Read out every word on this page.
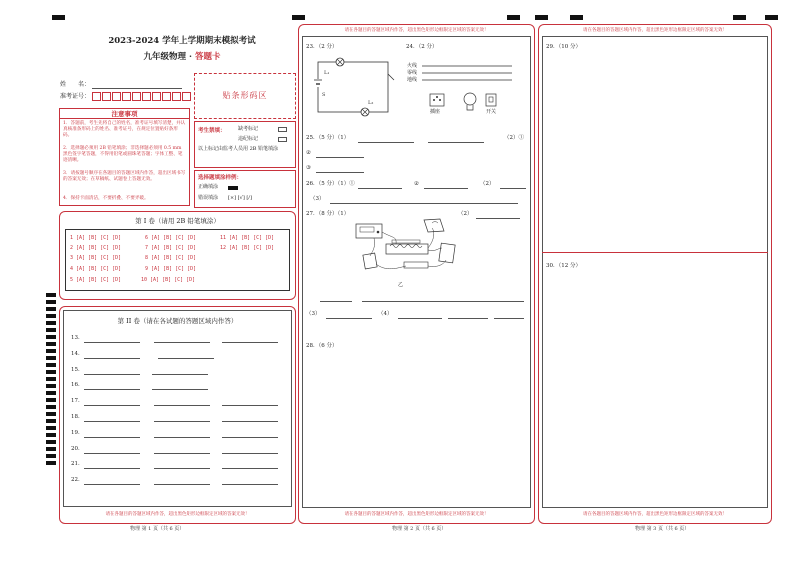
2023-2024 学年上学期期末模拟考试
九年级物理 · 答题卡
姓　　名：
准考证号：	贴条形码区
注意事项
1．答题前，考生先将自己的姓名，准考证号填写清楚，并认真核准条形码上的姓名、准考证号，在规定位置贴好条形码。
2．选择题必须用 2B 铅笔填涂；非选择题必须用 0.5 mm 黑色签字笔答题，不得用铅笔或圆珠笔答题；字体工整、笔迹清晰。
3．请按题号顺序在各题目的答题区域内作答，超出区域书写的答案无效；在草稿纸、试题卷上答题无效。
4．保持卡面清洁，不要折叠、不要弄破。
考生禁填： 缺考标记
违纪标记
以上标记由监考人员用 2B 铅笔填涂
选择题填涂样例：
正确填涂
错误填涂 [×] [√] [/]
第 I 卷（请用 2B 铅笔填涂）
1 [A] [B] [C] [D]
2 [A] [B] [C] [D]
3 [A] [B] [C] [D]
4 [A] [B] [C] [D]
5 [A] [B] [C] [D]
6 [A] [B] [C] [D]
7 [A] [B] [C] [D]
8 [A] [B] [C] [D]
9 [A] [B] [C] [D]
10 [A] [B] [C] [D]
11 [A] [B] [C] [D]
12 [A] [B] [C] [D]
第 II 卷（请在各试题的答题区域内作答）
13.
14.
15.
16.
17.
18.
19.
20.
21.
22.
请在各题目的答题区域内作答，超出黑色矩形边框限定区域的答案无效！
物理 第 1 页（共 6 页）
请在各题目的答题区域内作答，超出黑色矩形边框限定区域的答案无效！
23．（2 分）	24．（2 分）
L₁
L₂
S
火线
零线
地线
插座	开关
25．（5 分）（1）	（2）①
②
③
26．（5 分）（1）①	②	（2）
（3）
27．（8 分）（1）	（2）
乙
（3）	（4）
28．（6 分）
请在各题目的答题区域内作答，超出黑色矩形边框限定区域的答案无效！
物理 第 2 页（共 6 页）
请在各题目的答题区域内作答，超出黑色矩形边框限定区域的答案无效！
29．（10 分）
30．（12 分）
请在各题目的答题区域内作答，超出黑色矩形边框限定区域的答案无效！
物理 第 3 页（共 6 页）
